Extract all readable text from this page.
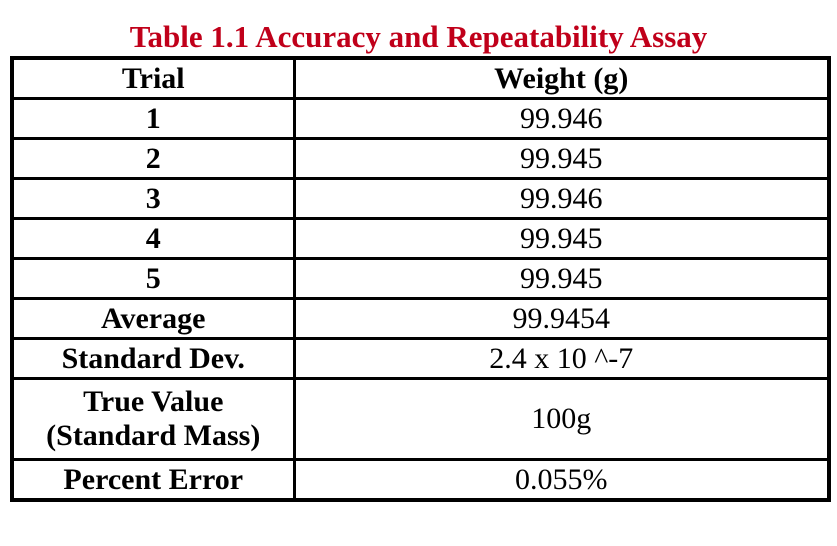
Table 1.1 Accuracy and Repeatability Assay
Trial	Weight (g)
1	99.946
2	99.945
3	99.946
4	99.945
5	99.945
Average	99.9454
Standard Dev.	2.4 x 10 ^-7

True Value
(Standard Mass)	100g
Percent Error	0.055%
